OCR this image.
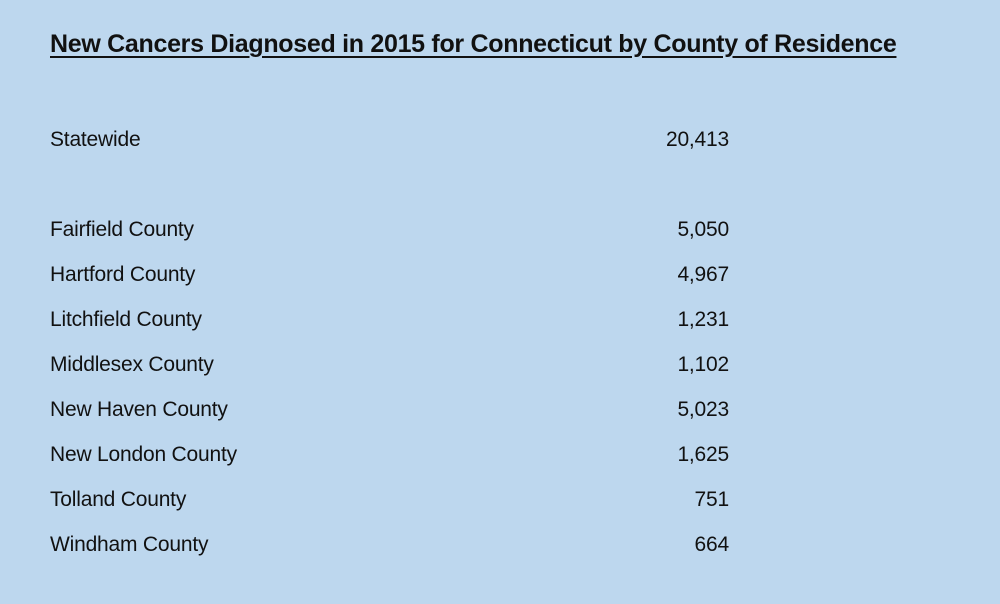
New Cancers Diagnosed in 2015 for Connecticut by County of Residence
Statewide	20,413
Fairfield County	5,050
Hartford County	4,967
Litchfield County	1,231
Middlesex County	1,102
New Haven County	5,023
New London County	1,625
Tolland County	751
Windham County	664
